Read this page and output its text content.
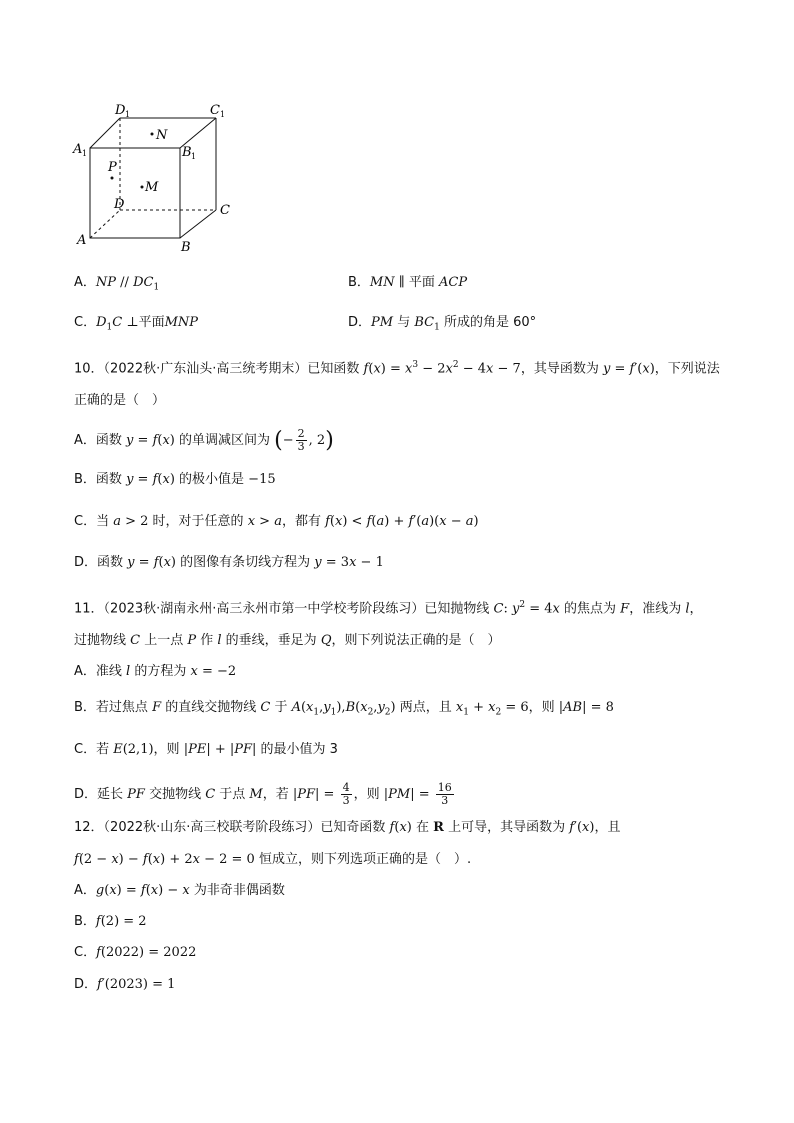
D 1	C 1
A 1	B 1
N
P
M
D	C
A	B
A．NP // $DC_1$	B．MN ∥ 平面 ACP
C．$D_1C$ ⊥平面MNP	D．PM 与 $BC_1$ 所成的角是 60°
10．（2022秋·广东汕头·高三统考期末）已知函数 $f(x) = x^3 - 2x^2 - 4x - 7$，其导函数为 y = f′(x)，下列说法
正确的是（　）
A．函数 y = f(x) 的单调减区间为 (− $\frac{2}{3}$ , 2)
B．函数 y = f(x) 的极小值是 −15
C．当 a > 2 时，对于任意的 x > a，都有 f(x) < f(a) + f′(a)(x − a)
D．函数 y = f(x) 的图像有条切线方程为 y = 3x − 1
11．（2023秋·湖南永州·高三永州市第一中学校考阶段练习）已知抛物线 C: $y^2 = 4x$ 的焦点为 F，准线为 l，
过抛物线 C 上一点 P 作 l 的垂线，垂足为 Q，则下列说法正确的是（　）
A．准线 l 的方程为 x = −2
B．若过焦点 F 的直线交抛物线 C 于 $A(x_1,y_1),B(x_2,y_2)$ 两点，且 $x_1 + x_2 = 6$，则 |AB| = 8
C．若 E(2,1)，则 |PE| + |PF| 的最小值为 3
D．延长 PF 交抛物线 C 于点 M，若 $|PF| = \frac{4}{3}$ ，则 $|PM| = \frac{16}{3}$
12．（2022秋·山东·高三校联考阶段练习）已知奇函数 f(x) 在 R 上可导，其导函数为 f′(x)，且
f(2 − x) − f(x) + 2x − 2 = 0 恒成立，则下列选项正确的是（　）.
A．g(x) = f(x) − x 为非奇非偶函数
B．f(2) = 2
C．f(2022) = 2022
D．f′(2023) = 1
